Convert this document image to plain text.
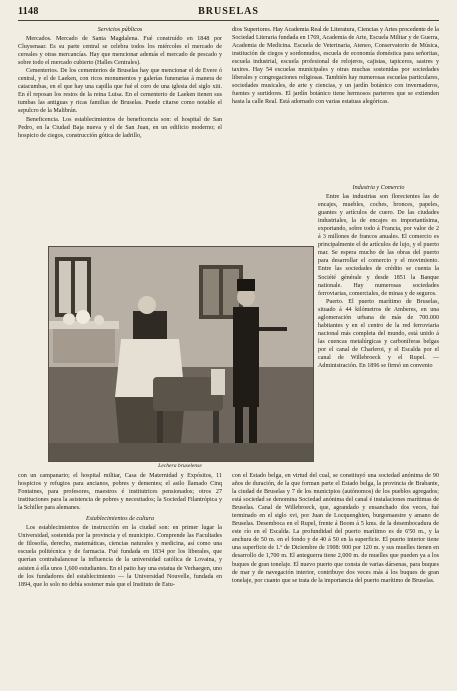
1148	BRUSELAS
Servicios públicos

Mercados. Mercado de Santa Magdalena. Fué construído en 1848 por Cluysenaar. Es su parte central se celebra todos los miércoles el mercado de cereales y otras mercancías. Hay que mencionar además el mercado de pescado y sobre todo el mercado cubierto (Halles Centrales).

Cementerios. De los cementerios de Bruselas hay que mencionar el de Evere ó central, y el de Laeken, con ricos monumentos y galerías funerarias á manera de catacumbas, en el que hay una capilla que fué el coro de una iglesia del siglo xiii. En él reposan los restos de la reina Luisa. En el cementerio de Laeken tienen sus tumbas las antiguas y ricas familias de Bruselas. Puede citarse como notable el sepulcro de la Malibrán.

Beneficencia. Los establecimientos de beneficencia son: el hospital de San Pedro, en la Ciudad Baja nueva y el de San Juan, en un edificio moderno; el hospicio de ciegos, construcción gótica de ladrillo,

dios Superiores. Hay Academia Real de Literatura, Ciencias y Artes procedente de la Sociedad Literaria fundada en 1769, Academia de Arte, Escuela Militar y de Guerra, Academia de Medicina. Escuela de Veterinaria, Ateneo, Conservatorio de Música, institución de ciegos y sordomudos, escuela de economía doméstica para señoritas, escuela industrial, escuela profesional de relojeros, cajistas, tapiceros, sastres y taxires. Hay 54 escuelas municipales y otras muchas sostenidas por sociedades liberales y congregaciones religiosas. También hay numerosas escuelas particulares, sociedades musicales, de arte y ciencias, y un jardín botánico con invernaderos, fuentes y surtidores. El jardín botánico tiene hermosos parterres que se extienden hasta la calle Real. Está adornado con varias estatuas alegóricas.

Industria y Comercio

Entre las industrias son florecientes las de encajes, muebles, coches, bronces, papeles, guantes y artículos de cuero. De las ciudades industriales, la de encajes es importantísima, exportando, sobre todo á Francia, por valor de 2 á 3 millones de francos anuales. El comercio es principalmente el de artículos de lujo, y el puerto mar. Se espera mucho de las obras del puerto para desarrollar el comercio y el movimiento. Entre las sociedades de crédito se cuenta la Société générale y desde 1851 la Banque nationale. Hay numerosas sociedades ferroviarias, comerciales, de minas y de seguros.

Puerto. El puerto marítimo de Bruselas, situado á 44 kilómetros de Amberes, en una aglomeración urbana de más de 700.000 habitantes y en el centro de la red ferroviaria nacional más completa del mundo, está unido á las cuencas metalúrgicas y carboníferas belgas por el canal de Charleroi, y el Escalda por el canal de Willebroeck y el Rupel. — Administración. En 1896 se firmó un convenio

Lechera bruselense

con un campanario; el hospital militar, Casa de Maternidad y Expósitos, 11 hospicios y refugios para ancianos, pobres y dementes; el asilo llamado Cinq Fontaines, para profesores, maestros é institutrices pensionados; otros 27 instituciones para la asistencia de pobres y necesitados; la Sociedad Filantrópica y la Schiller para alemanes.

Establecimientos de cultura

Los establecimientos de instrucción en la ciudad son: en primer lugar la Universidad, sostenida por la provincia y el municipio. Comprende las Facultades de filosofía, derecho, matemáticas, ciencias naturales y medicina, así como una escuela politécnica y de farmacia. Fué fundada en 1834 por los liberales, que querían contrabalancear la influencia de la universidad católica de Lovaina, y asisten á ella unos 1,600 estudiantes. En el patio hay una estatua de Verhaegen, uno de los fundadores del establecimiento — la Universidad Nouvelle, fundada en 1894, que lo solo no debía sostener más que el Instituto de Estu-

con el Estado belga, en virtud del cual, se constituyó una sociedad anónima de 90 años de duración, de la que forman parte el Estado belga, la provincia de Brabante, la ciudad de Bruselas y 7 de los municipios (autónomos) de los pueblos agregados; está sociedad se denomina Sociedad anónima del canal é instalaciones marítimas de Bruselas. Canal de Willebroeck, que, agrandado y ensanchado dos veces, fué terminado en el siglo xvi, por Juan de Locquenghien, burgomaestre y amano de Bruselas. Desemboca en el Rupel, frente á Boom á 5 kms. de la desembocadura de este río en el Escalda. La profundidad del puerto marítimo es de 6'50 m., y la anchura de 50 m. en el fondo y de 40 á 50 en la superficie. El puerto interior tiene una superficie de 1.º de Diciembre de 1908: 900 por 120 m. y sus muelles tienen en desarrollo de 1,700 m. El anteguerra tiene 2,000 m. de muelles que pueden ya a los buques de gran tonelaje. El nuevo puerto que consta de varias dársenas, para buques de mar y de navegación interior, contribuye dos veces más á los buques de gran tonelaje, por cuanto que se trata de la importancia del puerto marítimo de Bruselas.
